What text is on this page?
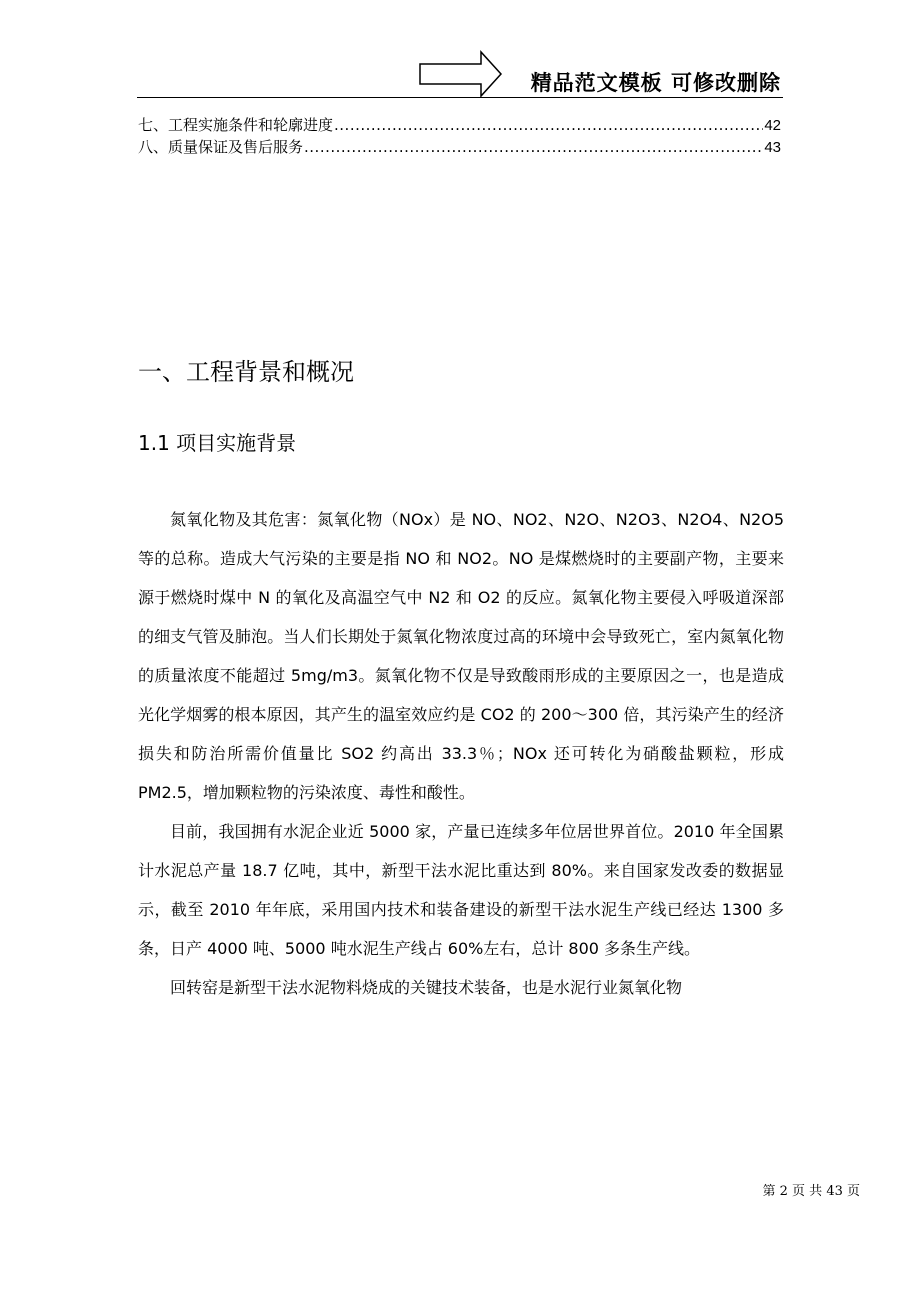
精品范文模板 可修改删除
七、工程实施条件和轮廓进度 .....	42
八、质量保证及售后服务 .....	43
一、工程背景和概况
1.1 项目实施背景

氮氧化物及其危害：氮氧化物（NOx）是 NO、NO2、N2O、N2O3、N2O4、N2O5 等的总称。造成大气污染的主要是指 NO 和 NO2。NO 是煤燃烧时的主要副产物，主要来源于燃烧时煤中 N 的氧化及高温空气中 N2 和 O2 的反应。氮氧化物主要侵入呼吸道深部的细支气管及肺泡。当人们长期处于氮氧化物浓度过高的环境中会导致死亡，室内氮氧化物的质量浓度不能超过 5mg/m3。氮氧化物不仅是导致酸雨形成的主要原因之一，也是造成光化学烟雾的根本原因，其产生的温室效应约是 CO2 的 200～300 倍，其污染产生的经济损失和防治所需价值量比 SO2 约高出 33.3％；NOx 还可转化为硝酸盐颗粒，形成 PM2.5，增加颗粒物的污染浓度、毒性和酸性。

目前，我国拥有水泥企业近 5000 家，产量已连续多年位居世界首位。2010 年全国累计水泥总产量 18.7 亿吨，其中，新型干法水泥比重达到 80%。来自国家发改委的数据显示，截至 2010 年年底，采用国内技术和装备建设的新型干法水泥生产线已经达 1300 多条，日产 4000 吨、5000 吨水泥生产线占 60%左右，总计 800 多条生产线。

回转窑是新型干法水泥物料烧成的关键技术装备，也是水泥行业氮氧化物

第 2 页 共 43 页
